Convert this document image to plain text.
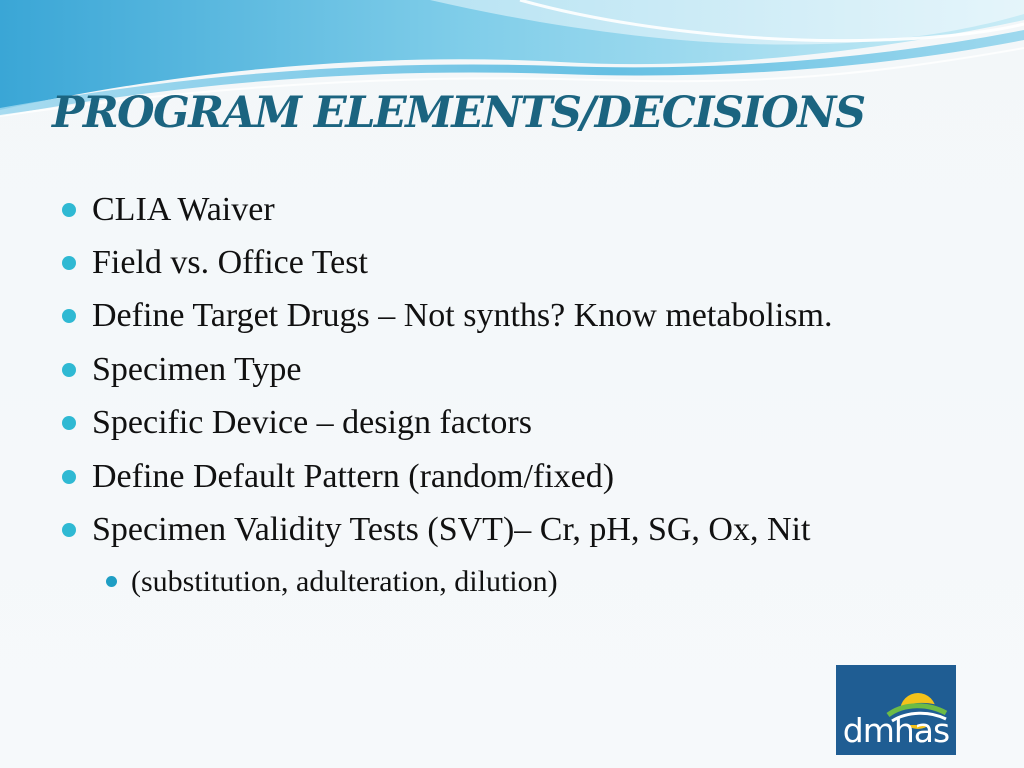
PROGRAM ELEMENTS/DECISIONS
CLIA Waiver
Field vs. Office Test
Define Target Drugs – Not synths? Know metabolism.
Specimen Type
Specific Device – design factors
Define Default Pattern (random/fixed)
Specimen Validity Tests (SVT)– Cr, pH, SG, Ox, Nit
(substitution, adulteration, dilution)
dmhas
